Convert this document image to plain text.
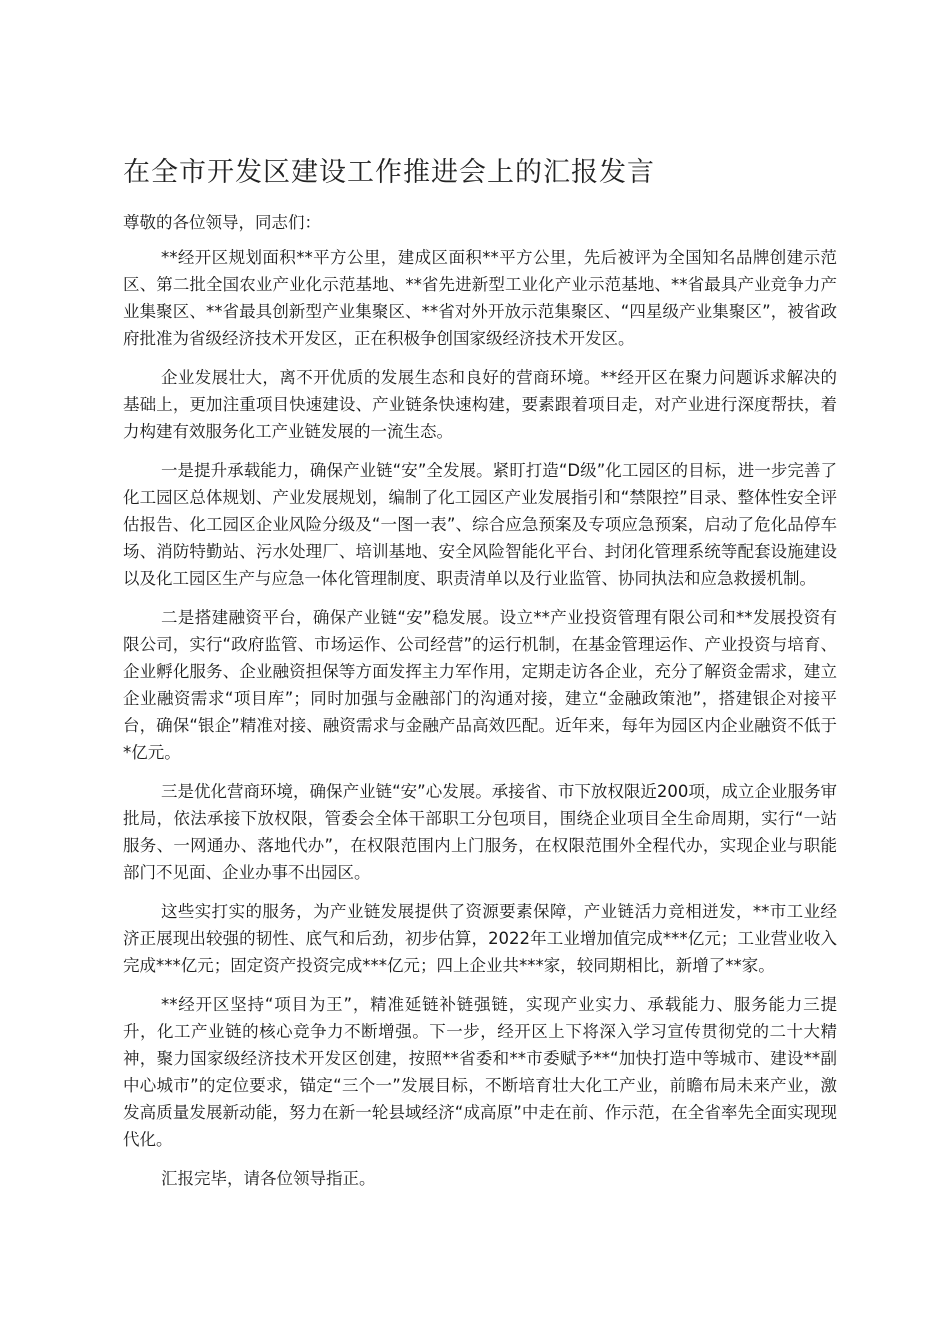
在全市开发区建设工作推进会上的汇报发言

尊敬的各位领导，同志们：

**经开区规划面积**平方公里，建成区面积**平方公里，先后被评为全国知名品牌创建示范区、第二批全国农业产业化示范基地、**省先进新型工业化产业示范基地、**省最具产业竞争力产业集聚区、**省最具创新型产业集聚区、**省对外开放示范集聚区、“四星级产业集聚区”，被省政府批准为省级经济技术开发区，正在积极争创国家级经济技术开发区。

企业发展壮大，离不开优质的发展生态和良好的营商环境。**经开区在聚力问题诉求解决的基础上，更加注重项目快速建设、产业链条快速构建，要素跟着项目走，对产业进行深度帮扶，着力构建有效服务化工产业链发展的一流生态。

一是提升承载能力，确保产业链“安”全发展。紧盯打造“D级”化工园区的目标，进一步完善了化工园区总体规划、产业发展规划，编制了化工园区产业发展指引和“禁限控”目录、整体性安全评估报告、化工园区企业风险分级及“一图一表”、综合应急预案及专项应急预案，启动了危化品停车场、消防特勤站、污水处理厂、培训基地、安全风险智能化平台、封闭化管理系统等配套设施建设以及化工园区生产与应急一体化管理制度、职责清单以及行业监管、协同执法和应急救援机制。

二是搭建融资平台，确保产业链“安”稳发展。设立**产业投资管理有限公司和**发展投资有限公司，实行“政府监管、市场运作、公司经营”的运行机制，在基金管理运作、产业投资与培育、企业孵化服务、企业融资担保等方面发挥主力军作用，定期走访各企业，充分了解资金需求，建立企业融资需求“项目库”；同时加强与金融部门的沟通对接，建立“金融政策池”，搭建银企对接平台，确保“银企”精准对接、融资需求与金融产品高效匹配。近年来，每年为园区内企业融资不低于*亿元。

三是优化营商环境，确保产业链“安”心发展。承接省、市下放权限近200项，成立企业服务审批局，依法承接下放权限，管委会全体干部职工分包项目，围绕企业项目全生命周期，实行“一站服务、一网通办、落地代办”，在权限范围内上门服务，在权限范围外全程代办，实现企业与职能部门不见面、企业办事不出园区。

这些实打实的服务，为产业链发展提供了资源要素保障，产业链活力竞相迸发，**市工业经济正展现出较强的韧性、底气和后劲，初步估算，2022年工业增加值完成***亿元；工业营业收入完成***亿元；固定资产投资完成***亿元；四上企业共***家，较同期相比，新增了**家。

**经开区坚持“项目为王”，精准延链补链强链，实现产业实力、承载能力、服务能力三提升，化工产业链的核心竞争力不断增强。下一步，经开区上下将深入学习宣传贯彻党的二十大精神，聚力国家级经济技术开发区创建，按照**省委和**市委赋予**“加快打造中等城市、建设**副中心城市”的定位要求，锚定“三个一”发展目标，不断培育壮大化工产业，前瞻布局未来产业，激发高质量发展新动能，努力在新一轮县域经济“成高原”中走在前、作示范，在全省率先全面实现现代化。

汇报完毕，请各位领导指正。
